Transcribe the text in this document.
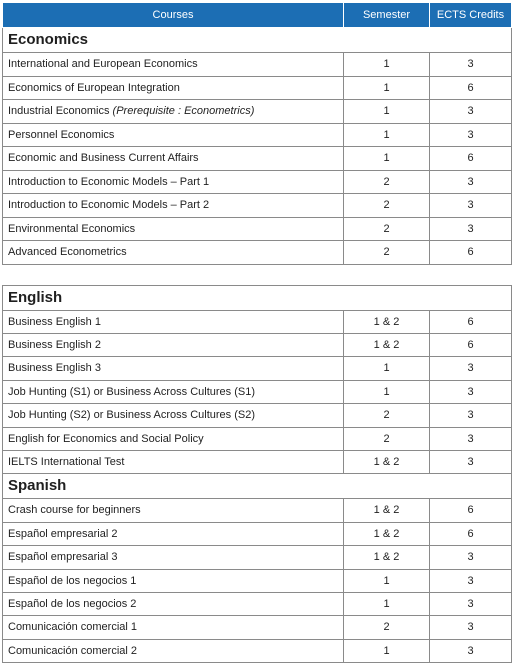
Courses	Semester	ECTS Credits
Economics		
International and European Economics	1	3
Economics of European Integration	1	6
Industrial Economics (Prerequisite : Econometrics)	1	3
Personnel Economics	1	3
Economic and Business Current Affairs	1	6
Introduction to Economic Models – Part 1	2	3
Introduction to Economic Models – Part 2	2	3
Environmental Economics	2	3
Advanced Econometrics	2	6
English		
Business English 1	1 & 2	6
Business English 2	1 & 2	6
Business English 3	1	3
Job Hunting (S1) or Business Across Cultures (S1)	1	3
Job Hunting (S2) or Business Across Cultures (S2)	2	3
English for Economics and Social Policy	2	3
IELTS International Test	1 & 2	3
Spanish		
Crash course for beginners	1 & 2	6
Español empresarial 2	1 & 2	6
Español empresarial 3	1 & 2	3
Español de los negocios 1	1	3
Español de los negocios 2	1	3
Comunicación comercial 1	2	3
Comunicación comercial 2	1	3
